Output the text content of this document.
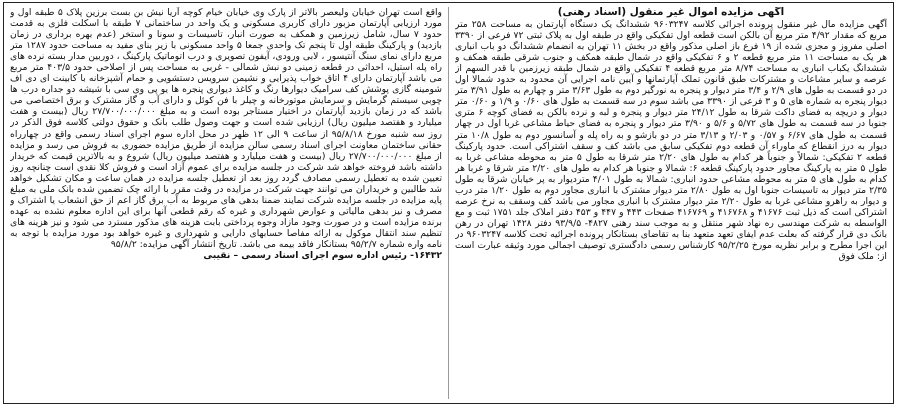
آگهی مزایده اموال غیر منقول (اسناد رهنی)

آگهی مزایده مال غیر منقول پرونده اجرائی کلاسه ۹۶۰۳۲۴۷ ششدانگ یک دستگاه آپارتمان به مساحت ۲۵۸ متر مربع که مقدار ۴/۹۲ متر مربع آن بالکن است قطعه اول تفکیکی واقع در طبقه اول به پلاک ثبتی ۷۲ فرعی از ۳۳۹۰ اصلی مفروز و مجزی شده از ۱۹ فرع باز اصلی مذکور واقع در بخش ۱۱ تهران به انضمام ششدانگ دو باب انباری هر یک به مساحت ۱۱ متر مربع قطعه ۲ و ۶ تفکیکی واقع در شمال طبقه همکف و جنوب شرقی طبقه همکف و ششدانگ یکباب انباری به مساحت ۸/۷۴ متر مربع قطعه ۴ تفکیکی واقع در شمال طبقه زیرزمین با قدر السهم از عرصه و سایر مشاعات و مشترکات طبق قانون تملک آپارتمانها و آیین نامه اجرایی آن محدود به حدود شمالا اول در دو قسمت به طول های ۲/۹ و ۳/۴ متر دیوار و پنجره به نورگیر دوم به طول ۳/۶۳ متر و چهارم به طول ۳/۹۱ متر دیوار پنجره به شماره های ۵ و ۳ فرعی از ۳۳۹۰ می باشد سوم در سه قسمت به طول های ۰/۶۰ و ۱/۹ و ۰/۶۰ متر دیوار و دریچه به فضای داکت شرقا به طول ۲۴/۱۲ متر دیوار و پنجره و لبه و نرده بالکن به فضای کوچه ۶ متری جنوبا در سه قسمت به طول های ۵/۷۲ و ۵/۶ و ۳/۹۰ متر دیوار و پنجره به فضای حیاط مشاعی غربا اول در چهار قسمت به طول های ۶/۶۷ و ۰/۵۷ و ۲/۰۳ و ۳/۱۳ متر در دو بازشو و به راه پله و آسانسور دوم به طول ۱۰/۸ متر دیوار به درز انقطاع که ماوراء آن قطعه دوم تفکیکی سابق می باشد کف و سقف اشتراکی است. حدود پارکینگ قطعه ۲ تفکیکی: شمالاً و جنوباً هر کدام به طول های ۲/۲۰ متر شرقا به طول ۵ متر به محوطه مشاعی غربا به طول ۵ متر به پارکینگ مجاور حدود پارکینگ قطعه ۶: شمالا و جنوبا هر کدام به طول های ۲/۲۰ متر شرقا و غربا هر کدام به طول های ۵ متر به محوطه مشاعی حدود انباری: شمالا به طول ۴/۰۱ متردیوار به پر خیابان شرقا به طول ۲/۳۵ متر دیوار به تاسیسات جنوبا اول به طول ۲/۸۰ متر دیوار مشترک با انباری مجاور دوم به طول ۱/۲۰ متر درب و دیوار به راهرو مشاعی غربا به طول ۲/۲۰ متر دیوار مشترک با انباری مجاور می باشد کف وسقف به نرخ عرصه اشتراکی است که ذیل ثبت ۴۱۶۷۶ و ۴۱۶۷۶۸ و ۴۱۶۷۶۹ صفحات ۴۴۳ و ۴۴۷ و ۴۵۳ دفتر املاک جلد ۱۷۵۱ ثبت و مع الواسطه به شرکت مهندسی ره نهاد شهر منتقل و به موجب سند رهنی ۴۸۲۷- ۹۳/۹/۵ دفتر ۱۴۲۸ تهران در رهن بانک دی قرار گرفته که بعلت عدم ایفای تعهد متعهد بنا به تقاضای بستانکار پرونده اجرائیه تحت کلاسه ۹۶۰۳۲۴۷ در این اجرا مطرح و برابر نظریه مورخ ۹۵/۲/۲۵ کارشناس رسمی دادگستری توصیف اجمالی مورد وثیقه عبارت است از: ملک فوق

واقع است تهران خیابان ولیعصر بالاتر از پارک وی خیابان خیام کوچه آریا نیش بن بست برزین پلاک ۵ طبقه اول و مورد ارزیابی آپارتمان مزبور دارای کاربری مسکونی و یک واحد در ساختمانی ۷ طبقه با اسکلت فلزی به قدمت حدود ۷ سال، شامل زیرزمین و همکف به صورت انبار، تاسیسات و سونا و استخر (عدم بهره برداری در زمان بازدید) و پارکینگ طبقه اول تا پنجم تک واحدی جمعا ۵ واحد مسکونی با زیر بنای مفید به مساحت حدود ۱۲۸۷ متر مربع دارای نمای سنگ آنتیسور ، لابی ورودی، آیفون تصویری و درب اتوماتیک پارکینگ ، دوربین مدار بسته نرده های راه پله استیل، احداثی در قطعه زمینی دو نبش شمالی - غربی به مساحت پس از اصلاحی حدود ۴۰۳/۵ متر مربع می باشد آپارتمان دارای ۴ اتاق خواب پذیرایی و نشیمن سرویس دستشویی و حمام آشپزخانه با کابینت ای دی اف شومینه گازی پوشش کف سرامیک دیوارها رنگ و کاغذ دیواری پنجره ها یو پی وی سی با شیشه دو جداره درب ها چوبی سیستم گرمایش و سرمایش موتورخانه و چیلر با فن کوئل و دارای آب و گاز مشترک و برق اختصاصی می باشد که در زمان بازدید آپارتمان در اختیار مستاجر بوده است و به مبلغ ۲۷/۷۰۰/۰۰۰/۰۰۰ ریال (بیست و هفت میلیارد و هفتصد میلیون ریال) ارزیابی شده است و جهت وصول طلب بانک و حقوق دولتی کلاسه فوق الذکر در روز سه شنبه مورخ ۹۵/۸/۱۸ از ساعت ۹ الی ۱۲ ظهر در محل اداره سوم اجرای اسناد رسمی واقع در چهارراه حقانی ساختمان معاونت اجرای اسناد رسمی سالن مزایده از طریق مزایده حضوری به فروش می رسد و مزایده از مبلغ ۲۷/۷۰۰/۰۰۰/۰۰۰ ریال (بیست و هفت میلیارد و هفتصد میلیون ریال) شروع و به بالاترین قیمت که خریدار داشته باشد فروخته خواهد شد شرکت در جلسه مزایده برای عموم آزاد است و فروش کلا نقدی است چنانچه روز تعیین شده به تعطیل رسمی مصادف گردد روز بعد از تعطیل جلسه مزایده در همان ساعت و مکان تشکیل خواهد شد طالبین و خریداران می توانند جهت شرکت در مزایده در وقت مقرر با ارائه چک تضمین شده بانک ملی به مبلغ پایه مزایده در جلسه مزایده شرکت نمایند ضمنا بدهی های مربوط به آب برق گاز اعم از حق انشعاب یا اشتراک و مصرف و نیز بدهی مالیاتی و عوارض شهرداری و غیره که رقم قطعی آنها برای این اداره معلوم نشده به عهده برنده مزایده است و در صورت وجود مازاد وجوه پرداختی بابت هزینه های مذکور مسترد می شود و نیز هزینه های تنظیم سند انتقال موکول به ارائه مفاصا حسابهای دارایی و شهرداری و غیره خواهد بود مورد مزایده با توجه به نامه واره شماره ۹۵/۲/۷ بستانکار فاقد بیمه می باشد. تاریخ انتشار آگهی مزایده: ۹۵/۸/۲

۱۶۴۳۲- رئیس اداره سوم اجرای اسناد رسمی – نقیبی
